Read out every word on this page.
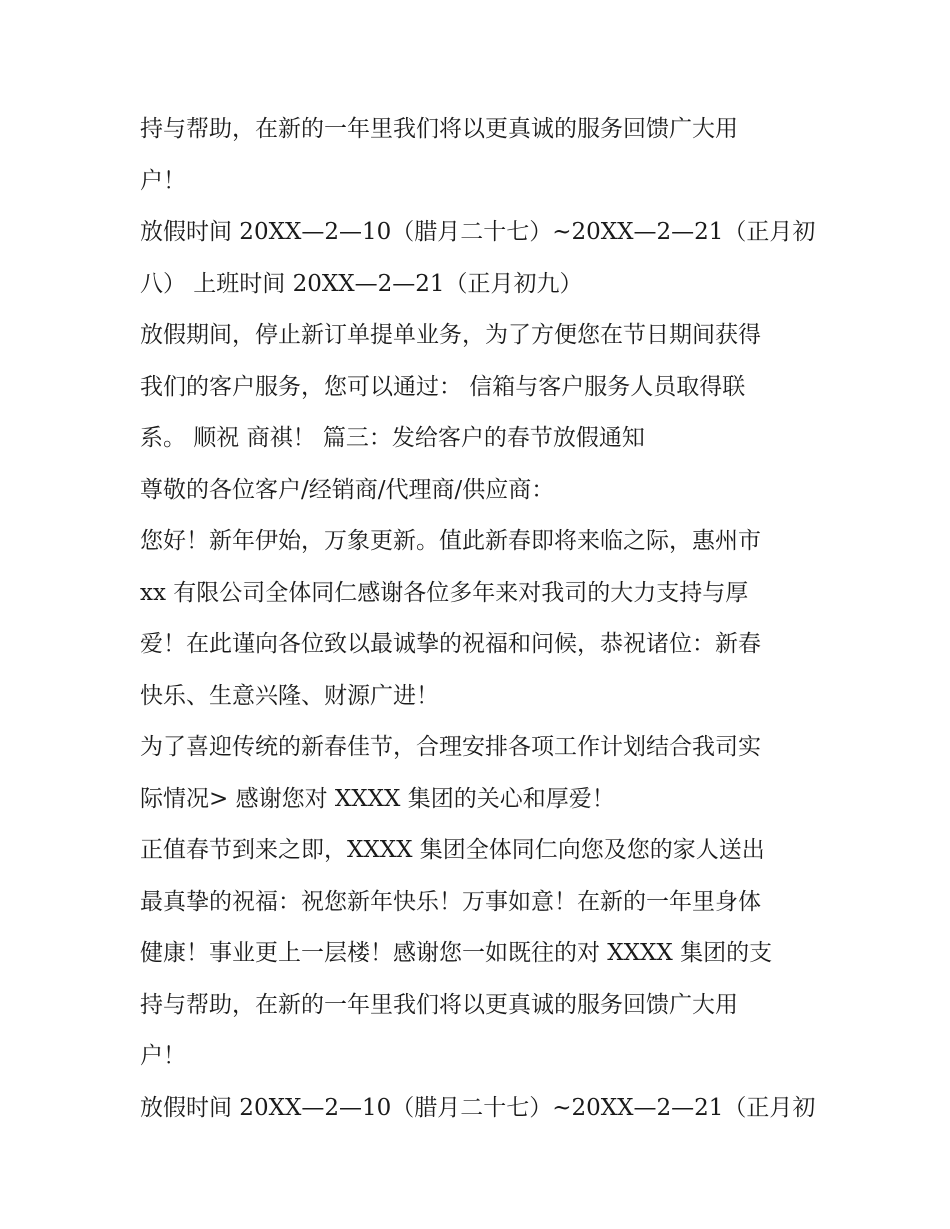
持与帮助，在新的一年里我们将以更真诚的服务回馈广大用
户！
放假时间 20XX—2—10（腊月二十七）~20XX—2—21（正月初
八） 上班时间 20XX—2—21（正月初九）
放假期间，停止新订单提单业务，为了方便您在节日期间获得
我们的客户服务，您可以通过： 信箱与客户服务人员取得联
系。 顺祝 商祺！ 篇三：发给客户的春节放假通知
尊敬的各位客户/经销商/代理商/供应商：
您好！新年伊始，万象更新。值此新春即将来临之际，惠州市
xx 有限公司全体同仁感谢各位多年来对我司的大力支持与厚
爱！在此谨向各位致以最诚挚的祝福和问候，恭祝诸位：新春
快乐、生意兴隆、财源广进！
为了喜迎传统的新春佳节，合理安排各项工作计划结合我司实
际情况> 感谢您对 XXXX 集团的关心和厚爱！
正值春节到来之即，XXXX 集团全体同仁向您及您的家人送出
最真挚的祝福：祝您新年快乐！万事如意！在新的一年里身体
健康！事业更上一层楼！感谢您一如既往的对 XXXX 集团的支
持与帮助，在新的一年里我们将以更真诚的服务回馈广大用
户！
放假时间 20XX—2—10（腊月二十七）~20XX—2—21（正月初
